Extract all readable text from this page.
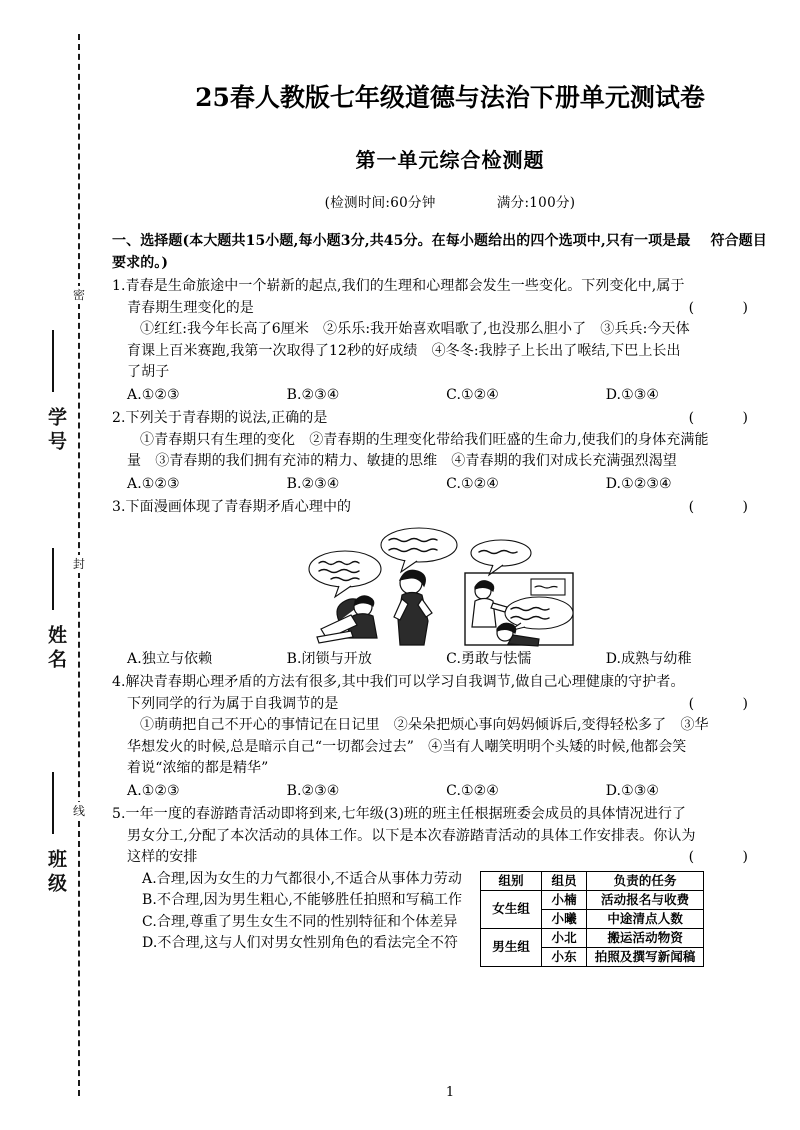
密
封
线
学号
姓名
班级
25春人教版七年级道德与法治下册单元测试卷
第一单元综合检测题

(检测时间:60分钟	满分:100分)

一、选择题(本大题共15小题,每小题3分,共45分。在每小题给出的四个选项中,只有一项是最 符合题目要求的。)
1.青春是生命旅途中一个崭新的起点,我们的生理和心理都会发生一些变化。下列变化中,属于
青春期生理变化的是	( )
①红红:我今年长高了6厘米　②乐乐:我开始喜欢唱歌了,也没那么胆小了　③兵兵:今天体
育课上百米赛跑,我第一次取得了12秒的好成绩　④冬冬:我脖子上长出了喉结,下巴上长出
了胡子
A.①②③	B.②③④	C.①②④	D.①③④
2.下列关于青春期的说法,正确的是	( )
①青春期只有生理的变化　②青春期的生理变化带给我们旺盛的生命力,使我们的身体充满能
量　③青春期的我们拥有充沛的精力、敏捷的思维　④青春期的我们对成长充满强烈渴望
A.①②③	B.②③④	C.①②④	D.①②③④
3.下面漫画体现了青春期矛盾心理中的	( )
A.独立与依赖	B.闭锁与开放	C.勇敢与怯懦	D.成熟与幼稚
4.解决青春期心理矛盾的方法有很多,其中我们可以学习自我调节,做自己心理健康的守护者。
下列同学的行为属于自我调节的是	( )
①萌萌把自己不开心的事情记在日记里　②朵朵把烦心事向妈妈倾诉后,变得轻松多了　③华
华想发火的时候,总是暗示自己“一切都会过去”　④当有人嘲笑明明个头矮的时候,他都会笑
着说“浓缩的都是精华”
A.①②③	B.②③④	C.①②④	D.①③④
5.一年一度的春游踏青活动即将到来,七年级(3)班的班主任根据班委会成员的具体情况进行了
男女分工,分配了本次活动的具体工作。以下是本次春游踏青活动的具体工作安排表。你认为
这样的安排	( )
A.合理,因为女生的力气都很小,不适合从事体力劳动
B.不合理,因为男生粗心,不能够胜任拍照和写稿工作
C.合理,尊重了男生女生不同的性别特征和个体差异
D.不合理,这与人们对男女性别角色的看法完全不符
组别	组员	负责的任务
女生组	小楠	活动报名与收费
	小曦	中途清点人数
男生组	小北	搬运活动物资
	小东	拍照及撰写新闻稿
1
